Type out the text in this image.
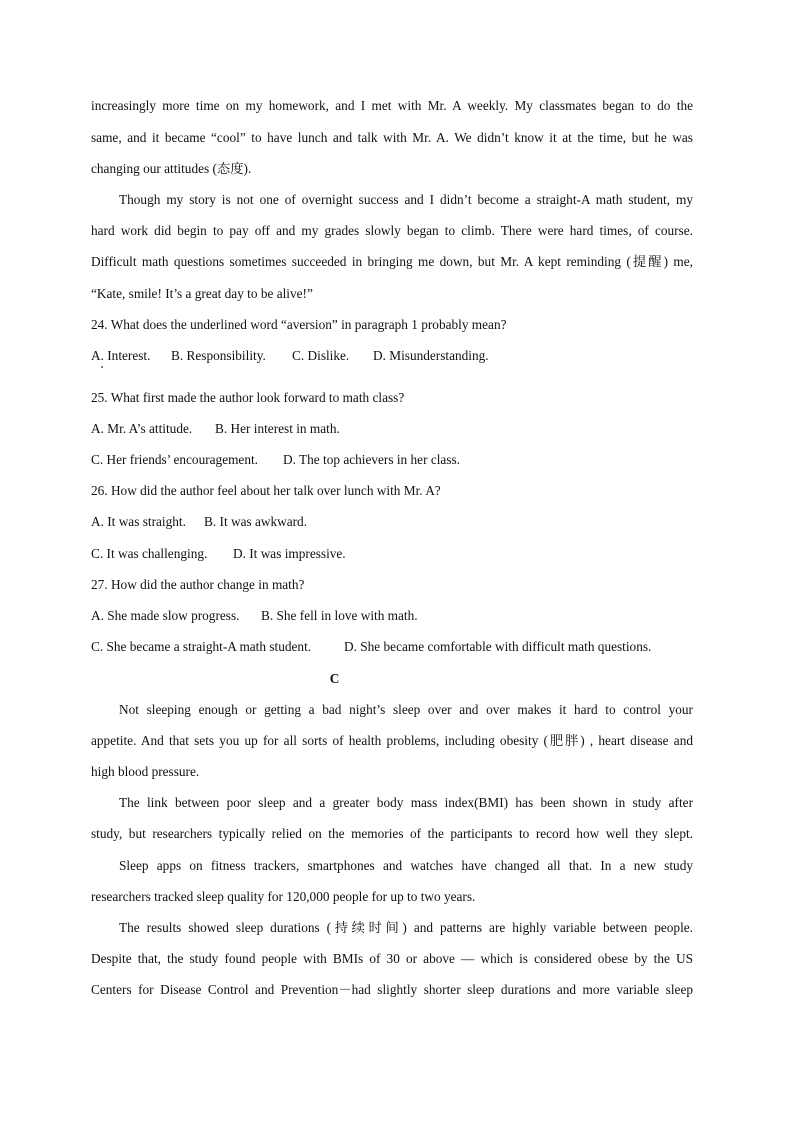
increasingly more time on my homework, and I met with Mr. A weekly. My classmates began to do the
same, and it became “cool” to have lunch and talk with Mr. A. We didn’t know it at the time, but he was
changing our attitudes (态度).
Though my story is not one of overnight success and I didn’t become a straight-A math student, my
hard work did begin to pay off and my grades slowly began to climb. There were hard times, of course.
Difficult math questions sometimes succeeded in bringing me down, but Mr. A kept reminding (提醒) me,
“Kate, smile! It’s a great day to be alive!”
24. What does the underlined word “aversion” in paragraph 1 probably mean?
A. Interest. B. Responsibility. C. Dislike. D. Misunderstanding.
25. What first made the author look forward to math class?
A. Mr. A’s attitude. B. Her interest in math.
C. Her friends’ encouragement. D. The top achievers in her class.
26. How did the author feel about her talk over lunch with Mr. A?
A. It was straight. B. It was awkward.
C. It was challenging. D. It was impressive.
27. How did the author change in math?
A. She made slow progress. B. She fell in love with math.
C. She became a straight-A math student. D. She became comfortable with difficult math questions.
C
Not sleeping enough or getting a bad night’s sleep over and over makes it hard to control your
appetite. And that sets you up for all sorts of health problems, including obesity (肥胖) , heart disease and
high blood pressure.
The link between poor sleep and a greater body mass index(BMI) has been shown in study after
study, but researchers typically relied on the memories of the participants to record how well they slept.
Sleep apps on fitness trackers, smartphones and watches have changed all that. In a new study
researchers tracked sleep quality for 120,000 people for up to two years.
The results showed sleep durations (持续时间) and patterns are highly variable between people.
Despite that, the study found people with BMIs of 30 or above — which is considered obese by the US
Centers for Disease Control and Prevention－had slightly shorter sleep durations and more variable sleep
